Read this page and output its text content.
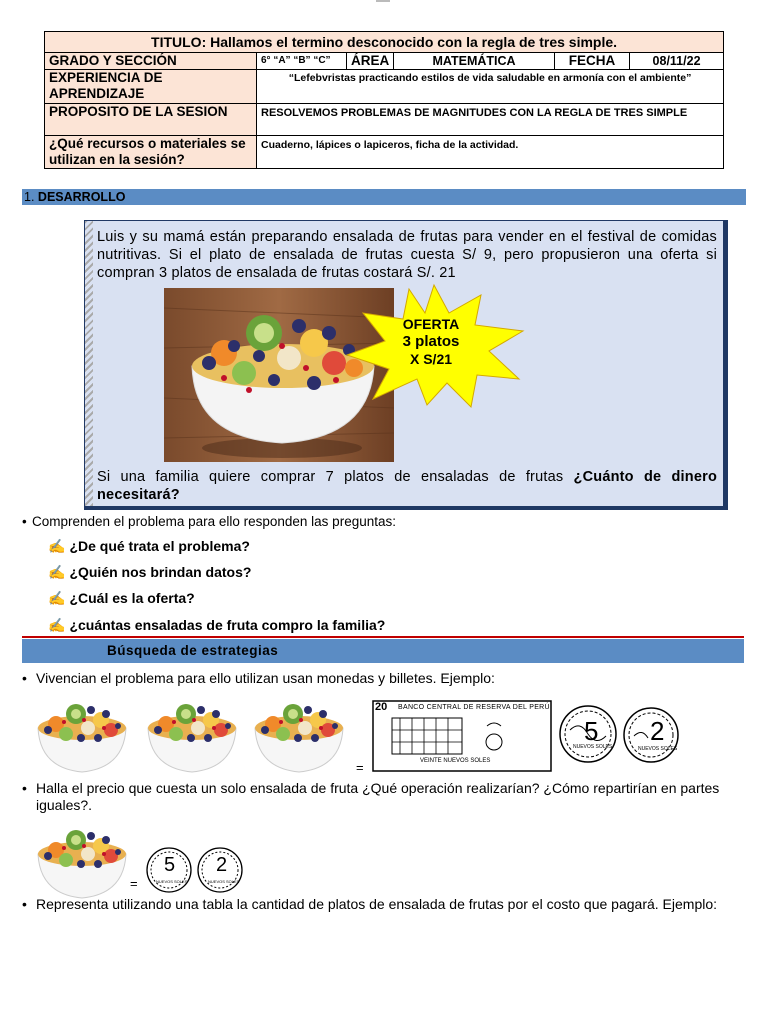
TITULO: Hallamos el termino desconocido con la regla de tres simple.					
GRADO Y SECCIÓN	6° “A” “B” “C”	ÁREA	MATEMÁTICA	FECHA	08/11/22
EXPERIENCIA DE APRENDIZAJE	“Lefebvristas practicando estilos de vida saludable en armonía con el ambiente”				
PROPOSITO DE LA SESION	RESOLVEMOS PROBLEMAS DE MAGNITUDES CON LA REGLA DE TRES SIMPLE				
¿Qué recursos o materiales se utilizan en la sesión?	Cuaderno, lápices o lapiceros, ficha de la actividad.				
1. DESARROLLO
Luis y su mamá están preparando ensalada de frutas para vender en el festival de comidas nutritivas. Si el plato de ensalada de frutas cuesta S/ 9, pero propusieron una oferta si compran 3 platos de ensalada de frutas costará S/. 21
OFERTA
3 platos
X S/21
Si una familia quiere comprar 7 platos de ensaladas de frutas ¿Cuánto de dinero necesitará?
• Comprenden el problema para ello responden las preguntas:
✍ ¿De qué trata el problema?
✍ ¿Quién nos brindan datos?
✍ ¿Cuál es la oferta?
✍ ¿cuántas ensaladas de fruta compro la familia?
Búsqueda de estrategias
• Vivencian el problema para ello utilizan usan monedas y billetes. Ejemplo:
=
20 BANCO CENTRAL DE RESERVA DEL PERÚ
VEINTE NUEVOS SOLES
5
NUEVOS SOLES
2
NUEVOS SOLES
• Halla el precio que cuesta un solo ensalada de fruta ¿Qué operación realizarían? ¿Cómo repartirían en partes iguales?.
=
5
NUEVOS SOLES
2
NUEVOS SOLES
• Representa utilizando una tabla la cantidad de platos de ensalada de frutas por el costo que pagará. Ejemplo:
